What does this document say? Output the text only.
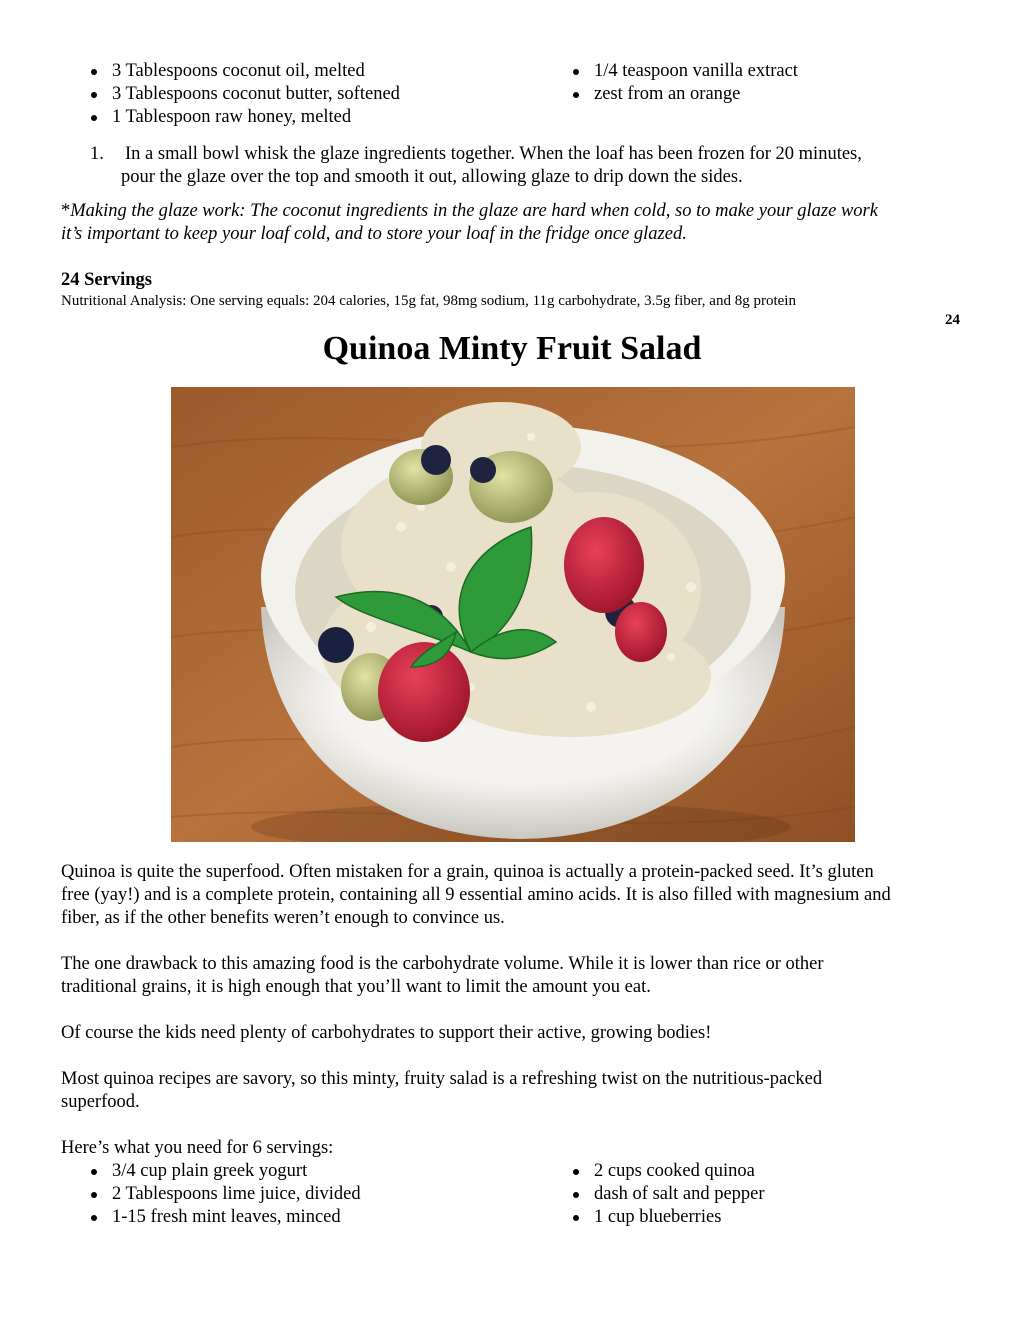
3 Tablespoons coconut oil, melted
3 Tablespoons coconut butter, softened
1 Tablespoon raw honey, melted
1/4 teaspoon vanilla extract
zest from an orange
1. In a small bowl whisk the glaze ingredients together. When the loaf has been frozen for 20 minutes,
pour the glaze over the top and smooth it out, allowing glaze to drip down the sides.
*Making the glaze work: The coconut ingredients in the glaze are hard when cold, so to make your glaze work
it’s important to keep your loaf cold, and to store your loaf in the fridge once glazed.
24 Servings
Nutritional Analysis: One serving equals: 204 calories, 15g fat, 98mg sodium, 11g carbohydrate, 3.5g fiber, and 8g protein
24
Quinoa Minty Fruit Salad
Quinoa is quite the superfood. Often mistaken for a grain, quinoa is actually a protein-packed seed. It’s gluten
free (yay!) and is a complete protein, containing all 9 essential amino acids. It is also filled with magnesium and
fiber, as if the other benefits weren’t enough to convince us.
The one drawback to this amazing food is the carbohydrate volume. While it is lower than rice or other
traditional grains, it is high enough that you’ll want to limit the amount you eat.
Of course the kids need plenty of carbohydrates to support their active, growing bodies!
Most quinoa recipes are savory, so this minty, fruity salad is a refreshing twist on the nutritious-packed
superfood.
Here’s what you need for 6 servings:
3/4 cup plain greek yogurt
2 Tablespoons lime juice, divided
1-15 fresh mint leaves, minced
2 cups cooked quinoa
dash of salt and pepper
1 cup blueberries
